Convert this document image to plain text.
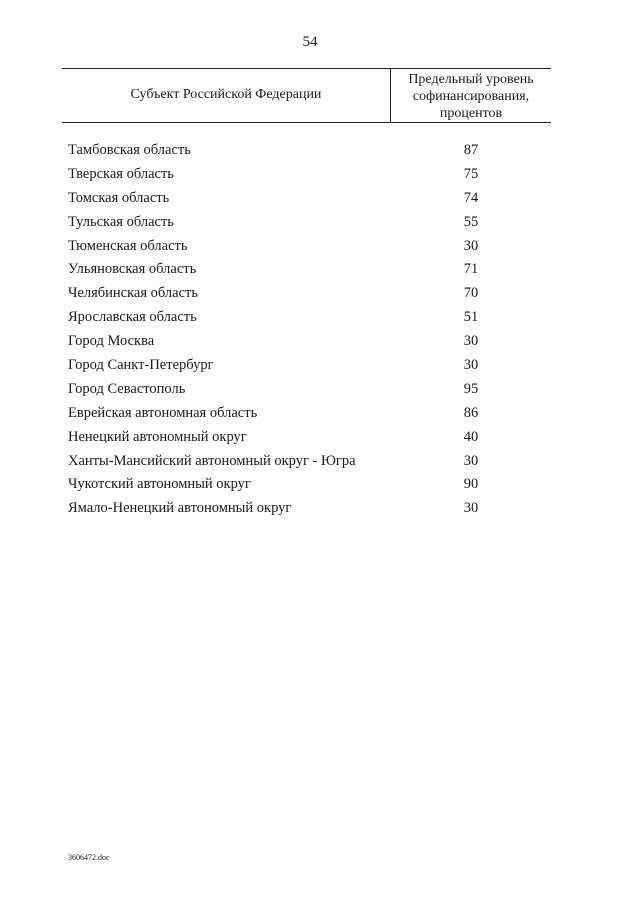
54
Субъект Российской Федерации
Предельный уровень
софинансирования,
процентов
Тамбовская область	87
Тверская область	75
Томская область	74
Тульская область	55
Тюменская область	30
Ульяновская область	71
Челябинская область	70
Ярославская область	51
Город Москва	30
Город Санкт-Петербург	30
Город Севастополь	95
Еврейская автономная область	86
Ненецкий автономный округ	40
Ханты-Мансийский автономный округ - Югра	30
Чукотский автономный округ	90
Ямало-Ненецкий автономный округ	30
3606472.doc
